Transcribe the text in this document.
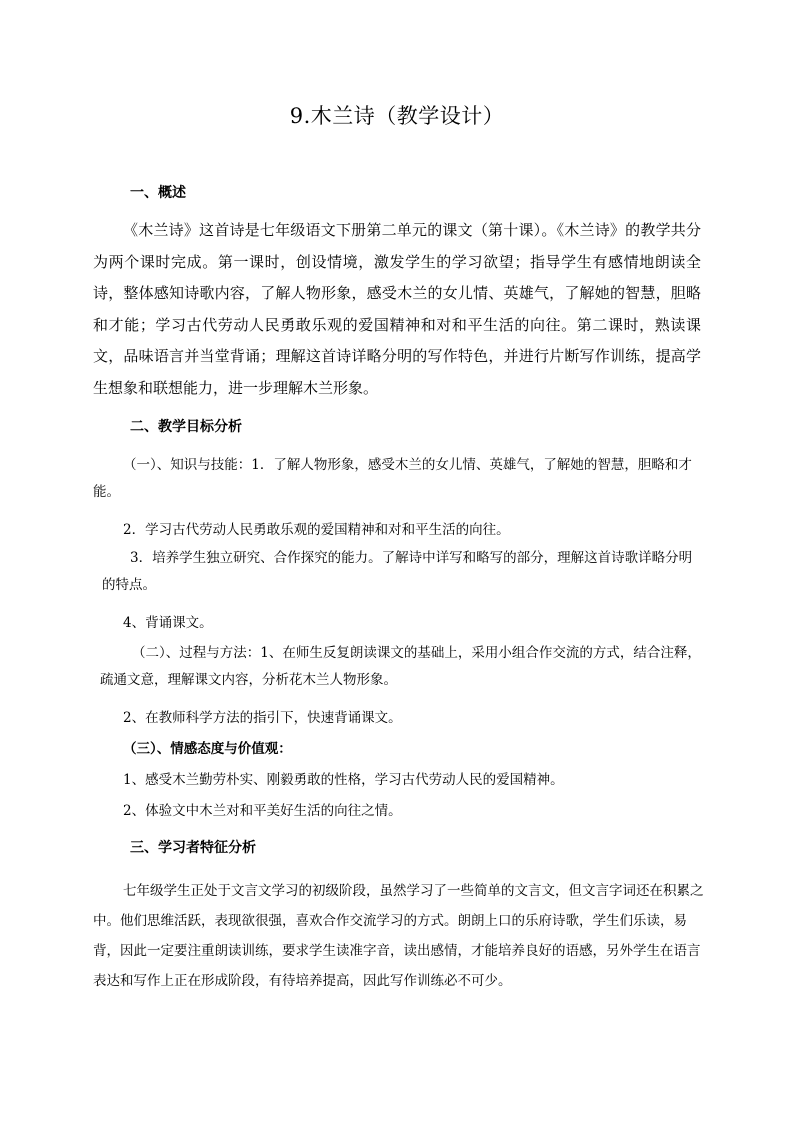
9.木兰诗（教学设计）
一、概述

《木兰诗》这首诗是七年级语文下册第二单元的课文（第十课）。《木兰诗》的教学共分为两个课时完成。第一课时，创设情境，激发学生的学习欲望；指导学生有感情地朗读全诗，整体感知诗歌内容，了解人物形象，感受木兰的女儿情、英雄气，了解她的智慧，胆略和才能；学习古代劳动人民勇敢乐观的爱国精神和对和平生活的向往。第二课时，熟读课文，品味语言并当堂背诵；理解这首诗详略分明的写作特色，并进行片断写作训练，提高学生想象和联想能力，进一步理解木兰形象。

二、教学目标分析

（一）、知识与技能：1．了解人物形象，感受木兰的女儿情、英雄气，了解她的智慧，胆略和才能。

2．学习古代劳动人民勇敢乐观的爱国精神和对和平生活的向往。

3．培养学生独立研究、合作探究的能力。了解诗中详写和略写的部分，理解这首诗歌详略分明的特点。

4、背诵课文。

（二）、过程与方法：1、在师生反复朗读课文的基础上，采用小组合作交流的方式，结合注释，疏通文意，理解课文内容，分析花木兰人物形象。

2、在教师科学方法的指引下，快速背诵课文。
（三）、情感态度与价值观：
1、感受木兰勤劳朴实、刚毅勇敢的性格，学习古代劳动人民的爱国精神。
2、体验文中木兰对和平美好生活的向往之情。
三、学习者特征分析

七年级学生正处于文言文学习的初级阶段，虽然学习了一些简单的文言文，但文言字词还在积累之中。他们思维活跃，表现欲很强，喜欢合作交流学习的方式。朗朗上口的乐府诗歌，学生们乐读，易背，因此一定要注重朗读训练，要求学生读准字音，读出感情，才能培养良好的语感，另外学生在语言表达和写作上正在形成阶段，有待培养提高，因此写作训练必不可少。
